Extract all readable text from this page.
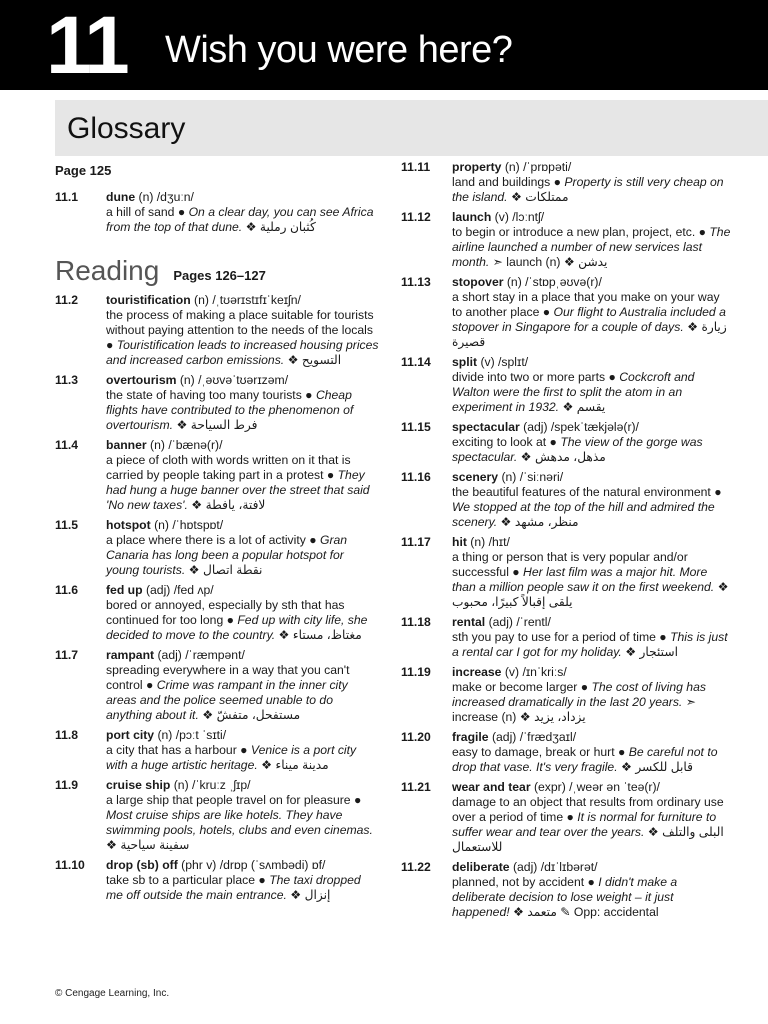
11 Wish you were here?
Glossary
Page 125
11.1	dune (n) /dʒuːn/
a hill of sand ● On a clear day, you can see Africa from the top of that dune. ❖ كُثبان رملية
Reading Pages 126–127
11.2	touristification (n) /ˌtʊərɪstɪfɪˈkeɪʃn/
the process of making a place suitable for tourists without paying attention to the needs of the locals ● Touristification leads to increased housing prices and increased carbon emissions. ❖ التسويح
11.3	overtourism (n) /ˌəʊvəˈtʊərɪzəm/
the state of having too many tourists ● Cheap flights have contributed to the phenomenon of overtourism. ❖ فرط السياحة
11.4	banner (n) /ˈbænə(r)/
a piece of cloth with words written on it that is carried by people taking part in a protest ● They had hung a huge banner over the street that said 'No new taxes'. ❖ لافتة، يافطة
11.5	hotspot (n) /ˈhɒtspɒt/
a place where there is a lot of activity ● Gran Canaria has long been a popular hotspot for young tourists. ❖ نقطة اتصال
11.6	fed up (adj) /fed ʌp/
bored or annoyed, especially by sth that has continued for too long ● Fed up with city life, she decided to move to the country. ❖ مغتاظ، مستاء
11.7	rampant (adj) /ˈræmpənt/
spreading everywhere in a way that you can't control ● Crime was rampant in the inner city areas and the police seemed unable to do anything about it. ❖ مستفحل، متفشّ
11.8	port city (n) /pɔːt ˈsɪti/
a city that has a harbour ● Venice is a port city with a huge artistic heritage. ❖ مدينة ميناء
11.9	cruise ship (n) /ˈkruːz ˌʃɪp/
a large ship that people travel on for pleasure ● Most cruise ships are like hotels. They have swimming pools, hotels, clubs and even cinemas. ❖ سفينة سياحية
11.10	drop (sb) off (phr v) /drɒp (ˈsʌmbədi) ɒf/
take sb to a particular place ● The taxi dropped me off outside the main entrance. ❖ إنزال
11.11	property (n) /ˈprɒpəti/
land and buildings ● Property is still very cheap on the island. ❖ ممتلكات
11.12	launch (v) /lɔːntʃ/
to begin or introduce a new plan, project, etc. ● The airline launched a number of new services last month. ➣ launch (n) ❖ يدشن
11.13	stopover (n) /ˈstɒpˌəʊvə(r)/
a short stay in a place that you make on your way to another place ● Our flight to Australia included a stopover in Singapore for a couple of days. ❖ زيارة قصيرة
11.14	split (v) /splɪt/
divide into two or more parts ● Cockcroft and Walton were the first to split the atom in an experiment in 1932. ❖ يقسم
11.15	spectacular (adj) /spekˈtækjələ(r)/
exciting to look at ● The view of the gorge was spectacular. ❖ مذهل، مدهش
11.16	scenery (n) /ˈsiːnəri/
the beautiful features of the natural environment ● We stopped at the top of the hill and admired the scenery. ❖ منظر، مشهد
11.17	hit (n) /hɪt/
a thing or person that is very popular and/or successful ● Her last film was a major hit. More than a million people saw it on the first weekend. ❖ يلقى إقبالاً كبيرًا، محبوب
11.18	rental (adj) /ˈrentl/
sth you pay to use for a period of time ● This is just a rental car I got for my holiday. ❖ استئجار
11.19	increase (v) /ɪnˈkriːs/
make or become larger ● The cost of living has increased dramatically in the last 20 years. ➣ increase (n) ❖ يزداد، يزيد
11.20	fragile (adj) /ˈfrædʒaɪl/
easy to damage, break or hurt ● Be careful not to drop that vase. It's very fragile. ❖ قابل للكسر
11.21	wear and tear (expr) /ˌweər ən ˈteə(r)/
damage to an object that results from ordinary use over a period of time ● It is normal for furniture to suffer wear and tear over the years. ❖ البلى والتلف للاستعمال
11.22	deliberate (adj) /dɪˈlɪbərət/
planned, not by accident ● I didn't make a deliberate decision to lose weight – it just happened! ❖ متعمد ✎ Opp: accidental
© Cengage Learning, Inc.
